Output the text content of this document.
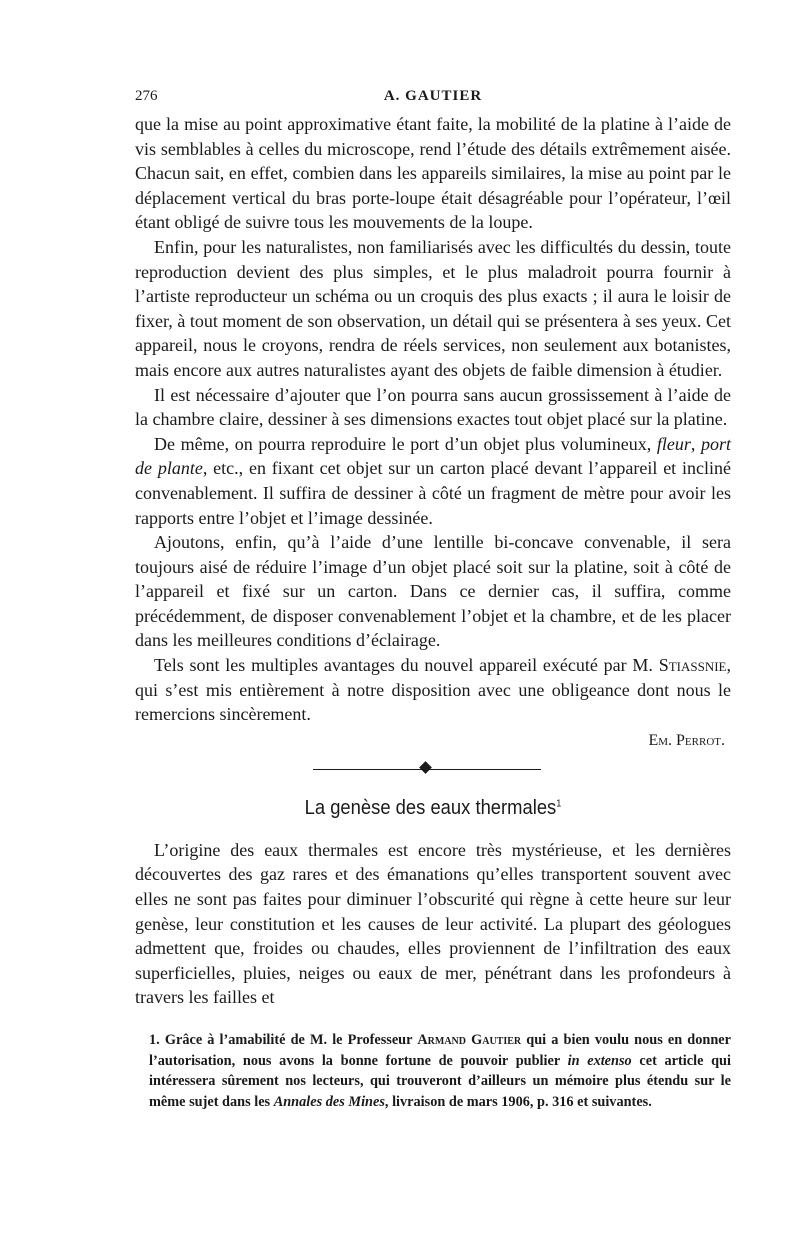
276	A. GAUTIER

que la mise au point approximative étant faite, la mobilité de la platine à l’aide de vis semblables à celles du microscope, rend l’étude des détails extrêmement aisée. Chacun sait, en effet, combien dans les appareils similaires, la mise au point par le déplacement vertical du bras porte-loupe était désagréable pour l’opérateur, l’œil étant obligé de suivre tous les mouvements de la loupe.

Enfin, pour les naturalistes, non familiarisés avec les difficultés du dessin, toute reproduction devient des plus simples, et le plus maladroit pourra fournir à l’artiste reproducteur un schéma ou un croquis des plus exacts ; il aura le loisir de fixer, à tout moment de son observation, un détail qui se présentera à ses yeux. Cet appareil, nous le croyons, rendra de réels services, non seulement aux botanistes, mais encore aux autres naturalistes ayant des objets de faible dimension à étudier.

Il est nécessaire d’ajouter que l’on pourra sans aucun grossissement à l’aide de la chambre claire, dessiner à ses dimensions exactes tout objet placé sur la platine.

De même, on pourra reproduire le port d’un objet plus volumineux, fleur, port de plante, etc., en fixant cet objet sur un carton placé devant l’appareil et incliné convenablement. Il suffira de dessiner à côté un fragment de mètre pour avoir les rapports entre l’objet et l’image dessinée.

Ajoutons, enfin, qu’à l’aide d’une lentille bi-concave convenable, il sera toujours aisé de réduire l’image d’un objet placé soit sur la platine, soit à côté de l’appareil et fixé sur un carton. Dans ce dernier cas, il suffira, comme précédemment, de disposer convenablement l’objet et la chambre, et de les placer dans les meilleures conditions d’éclairage.

Tels sont les multiples avantages du nouvel appareil exécuté par M. Stiassnie, qui s’est mis entièrement à notre disposition avec une obligeance dont nous le remercions sincèrement.

Em. Perrot.
La genèse des eaux thermales$^1$

L’origine des eaux thermales est encore très mystérieuse, et les dernières découvertes des gaz rares et des émanations qu’elles transportent souvent avec elles ne sont pas faites pour diminuer l’obscurité qui règne à cette heure sur leur genèse, leur constitution et les causes de leur activité. La plupart des géologues admettent que, froides ou chaudes, elles proviennent de l’infiltration des eaux superficielles, pluies, neiges ou eaux de mer, pénétrant dans les profondeurs à travers les failles et

1. Grâce à l’amabilité de M. le Professeur Armand Gautier qui a bien voulu nous en donner l’autorisation, nous avons la bonne fortune de pouvoir publier in extenso cet article qui intéressera sûrement nos lecteurs, qui trouveront d’ailleurs un mémoire plus étendu sur le même sujet dans les Annales des Mines, livraison de mars 1906, p. 316 et suivantes.
